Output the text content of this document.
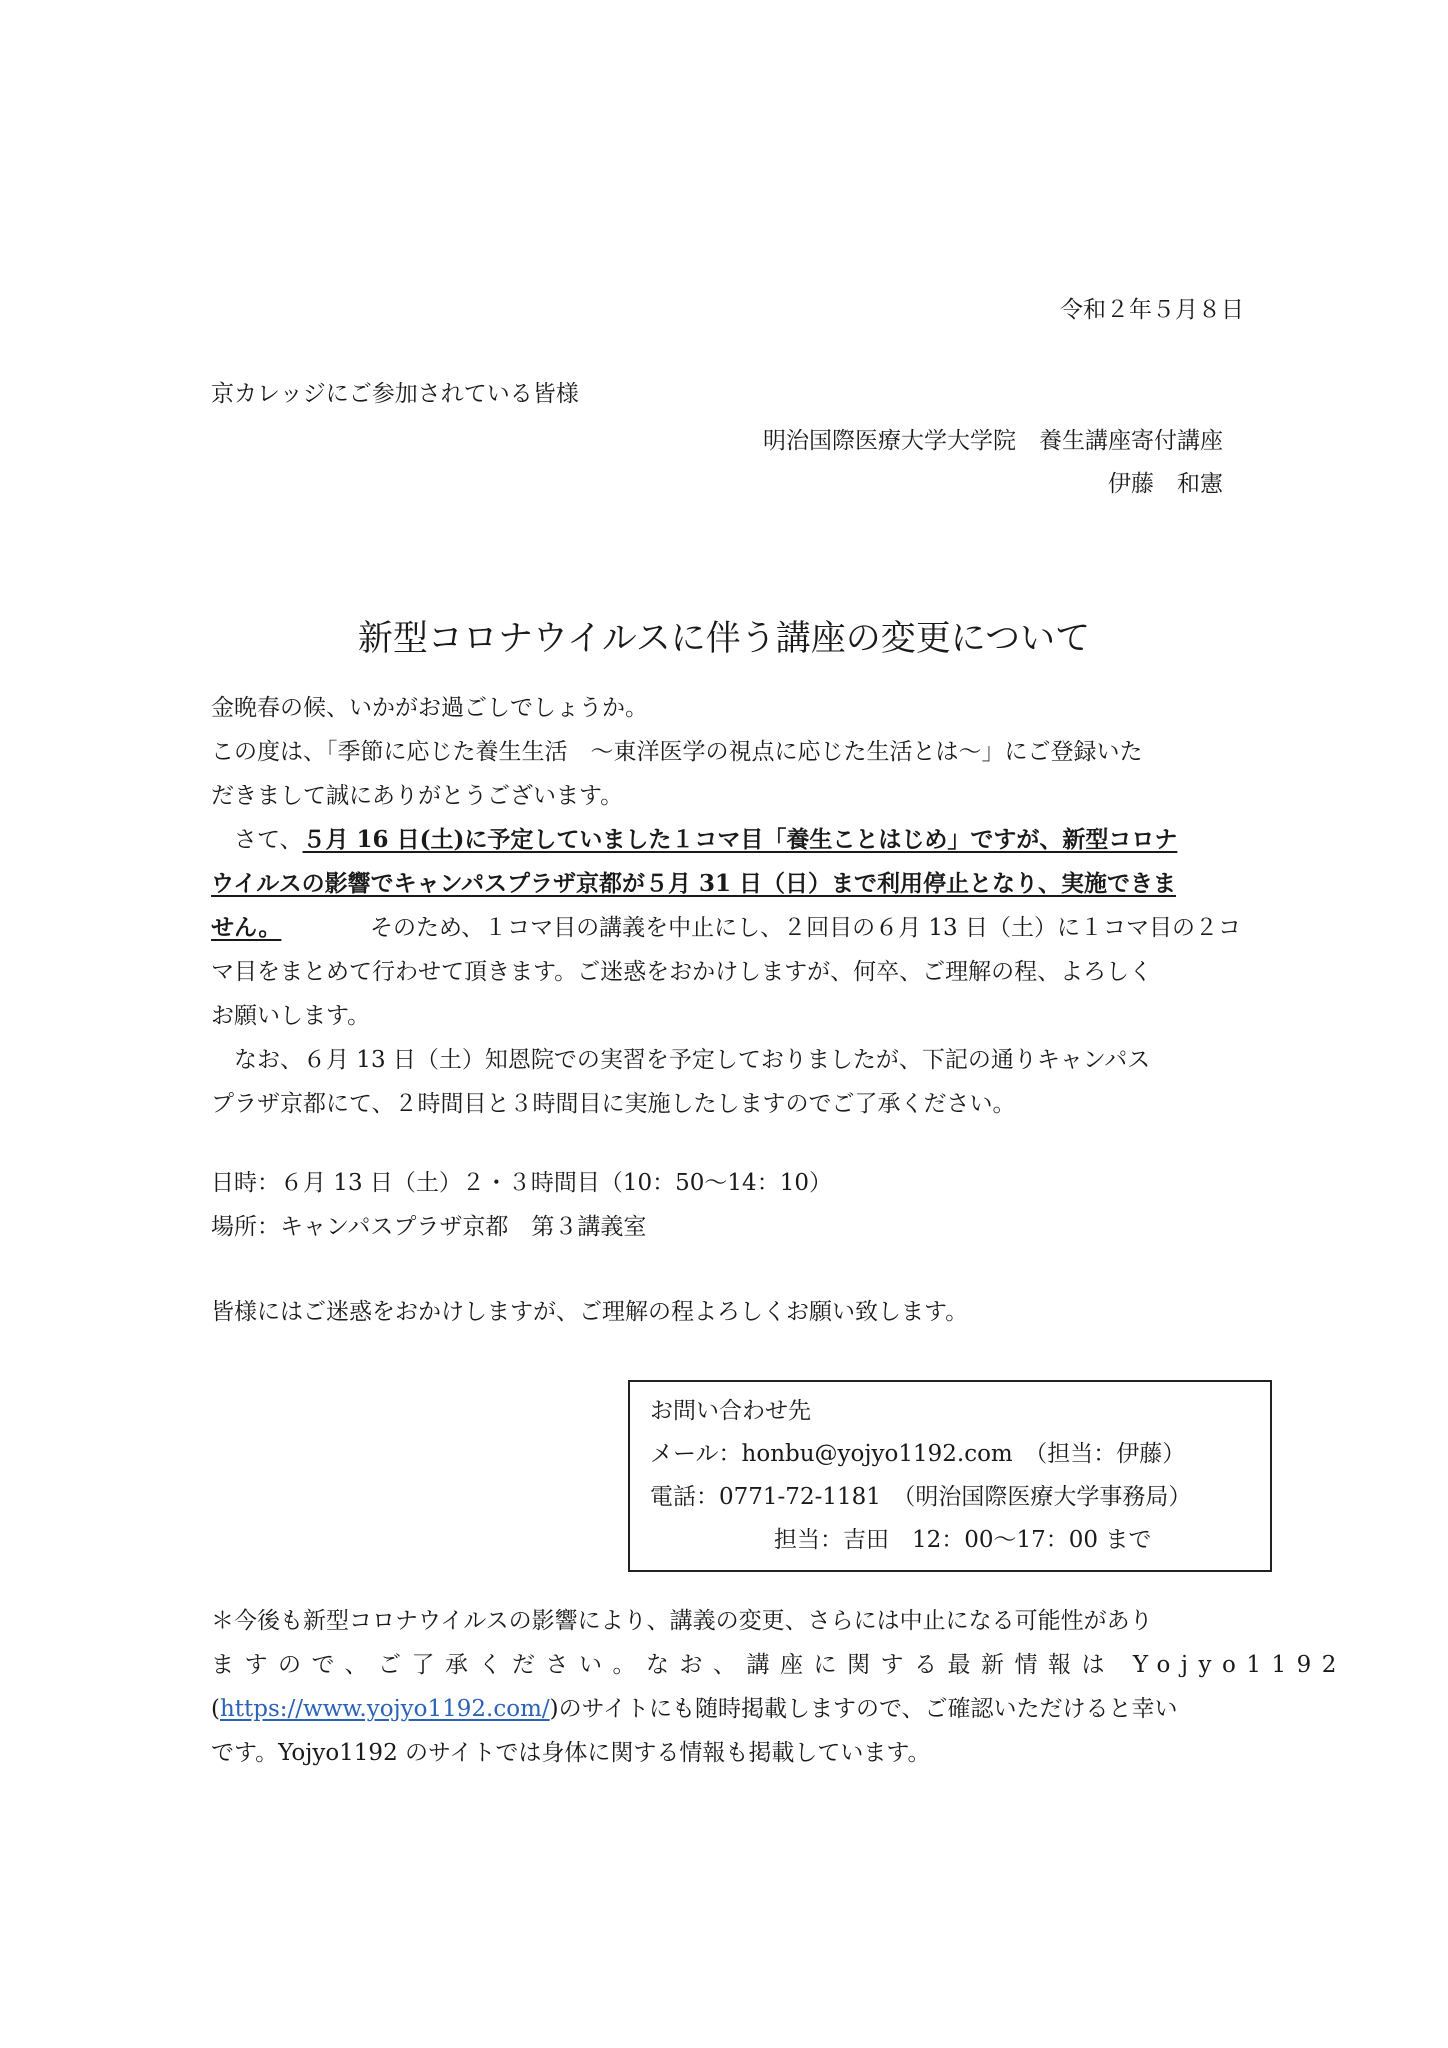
令和２年５月８日
京カレッジにご参加されている皆様
明治国際医療大学大学院　養生講座寄付講座
伊藤　和憲
新型コロナウイルスに伴う講座の変更について
金晩春の候、いかがお過ごしでしょうか。
この度は、「季節に応じた養生生活　～東洋医学の視点に応じた生活とは～」にご登録いた
だきまして誠にありがとうございます。
　さて、 ５月 16 日(土)に予定していました１コマ目「養生ことはじめ」ですが、新型コロナ
ウイルスの影響でキャンパスプラザ京都が５月 31 日（日）まで利用停止となり、実施できま
せん。	そのため、１コマ目の講義を中止にし、２回目の６月 13 日（土）に１コマ目の２コ
マ目をまとめて行わせて頂きます。ご迷惑をおかけしますが、何卒、ご理解の程、よろしく
お願いします。
　なお、６月 13 日（土）知恩院での実習を予定しておりましたが、下記の通りキャンパス
プラザ京都にて、２時間目と３時間目に実施したしますのでご了承ください。
日時：６月 13 日（土）２・３時間目（10：50～14：10）
場所：キャンパスプラザ京都　第３講義室
皆様にはご迷惑をおかけしますが、ご理解の程よろしくお願い致します。
お問い合わせ先
メール：honbu@yojyo1192.com　（担当：伊藤）
電話：0771-72-1181　（明治国際医療大学事務局）
担当：吉田　12：00～17：00 まで
＊今後も新型コロナウイルスの影響により、講義の変更、さらには中止になる可能性があり
ますので、ご了承ください。なお、講座に関する最新情報は Yojyo1192
( https://www.yojyo1192.com/ )のサイトにも随時掲載しますので、ご確認いただけると幸い
です。Yojyo1192 のサイトでは身体に関する情報も掲載しています。
